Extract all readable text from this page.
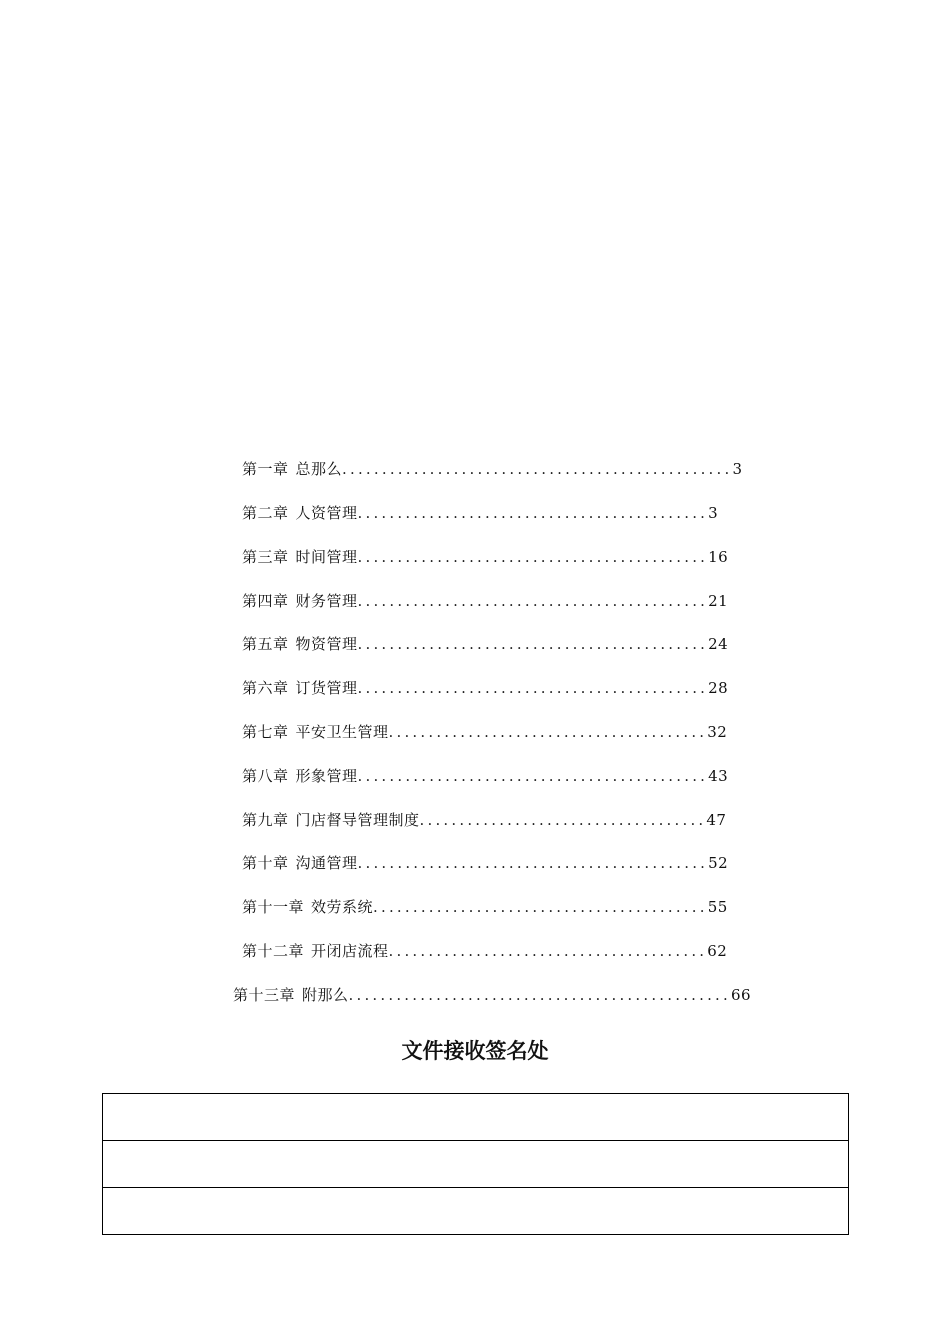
第一章 总那么.................................................3
第二章 人资管理............................................3
第三章 时间管理............................................16
第四章 财务管理............................................21
第五章 物资管理............................................24
第六章 订货管理............................................28
第七章 平安卫生管理........................................32
第八章 形象管理............................................43
第九章 门店督导管理制度....................................47
第十章 沟通管理............................................52
第十一章 效劳系统..........................................55
第十二章 开闭店流程........................................62
第十三章 附那么................................................66
文件接收签名处
